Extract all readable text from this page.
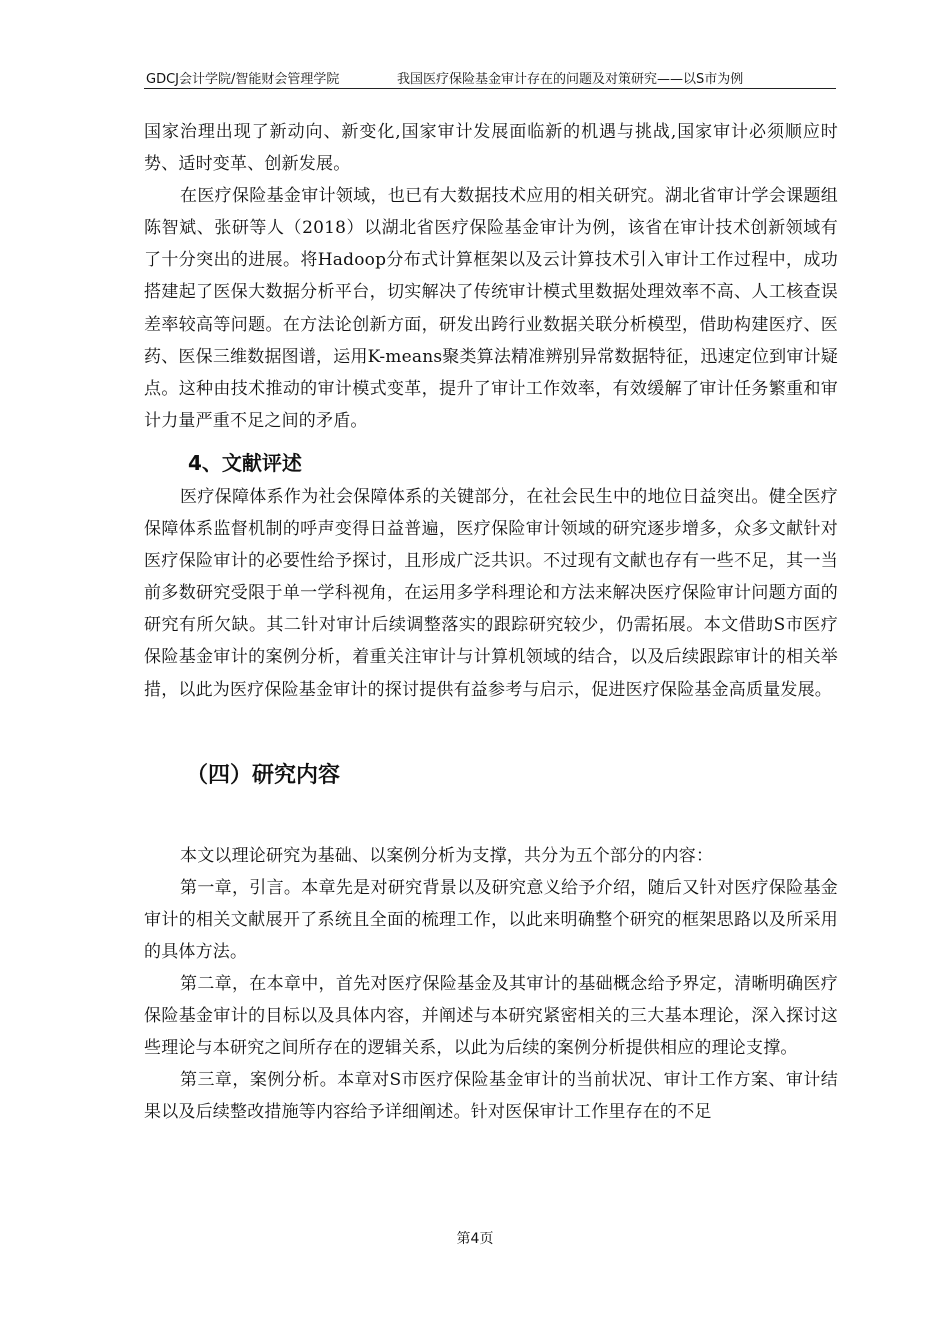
GDCJ会计学院/智能财会管理学院	我国医疗保险基金审计存在的问题及对策研究——以S市为例

国家治理出现了新动向、新变化,国家审计发展面临新的机遇与挑战,国家审计必须顺应时势、适时变革、创新发展。

在医疗保险基金审计领域，也已有大数据技术应用的相关研究。湖北省审计学会课题组陈智斌、张研等人（2018）以湖北省医疗保险基金审计为例，该省在审计技术创新领域有了十分突出的进展。将Hadoop分布式计算框架以及云计算技术引入审计工作过程中，成功搭建起了医保大数据分析平台，切实解决了传统审计模式里数据处理效率不高、人工核查误差率较高等问题。在方法论创新方面，研发出跨行业数据关联分析模型，借助构建医疗、医药、医保三维数据图谱，运用K-means聚类算法精准辨别异常数据特征，迅速定位到审计疑点。这种由技术推动的审计模式变革，提升了审计工作效率，有效缓解了审计任务繁重和审计力量严重不足之间的矛盾。

4、文献评述

医疗保障体系作为社会保障体系的关键部分，在社会民生中的地位日益突出。健全医疗保障体系监督机制的呼声变得日益普遍，医疗保险审计领域的研究逐步增多，众多文献针对医疗保险审计的必要性给予探讨，且形成广泛共识。不过现有文献也存有一些不足，其一当前多数研究受限于单一学科视角，在运用多学科理论和方法来解决医疗保险审计问题方面的研究有所欠缺。其二针对审计后续调整落实的跟踪研究较少，仍需拓展。本文借助S市医疗保险基金审计的案例分析，着重关注审计与计算机领域的结合，以及后续跟踪审计的相关举措，以此为医疗保险基金审计的探讨提供有益参考与启示，促进医疗保险基金高质量发展。

（四）研究内容

本文以理论研究为基础、以案例分析为支撑，共分为五个部分的内容：

第一章，引言。本章先是对研究背景以及研究意义给予介绍，随后又针对医疗保险基金审计的相关文献展开了系统且全面的梳理工作，以此来明确整个研究的框架思路以及所采用的具体方法。

第二章，在本章中，首先对医疗保险基金及其审计的基础概念给予界定，清晰明确医疗保险基金审计的目标以及具体内容，并阐述与本研究紧密相关的三大基本理论，深入探讨这些理论与本研究之间所存在的逻辑关系，以此为后续的案例分析提供相应的理论支撑。

第三章，案例分析。本章对S市医疗保险基金审计的当前状况、审计工作方案、审计结果以及后续整改措施等内容给予详细阐述。针对医保审计工作里存在的不足

第4页
